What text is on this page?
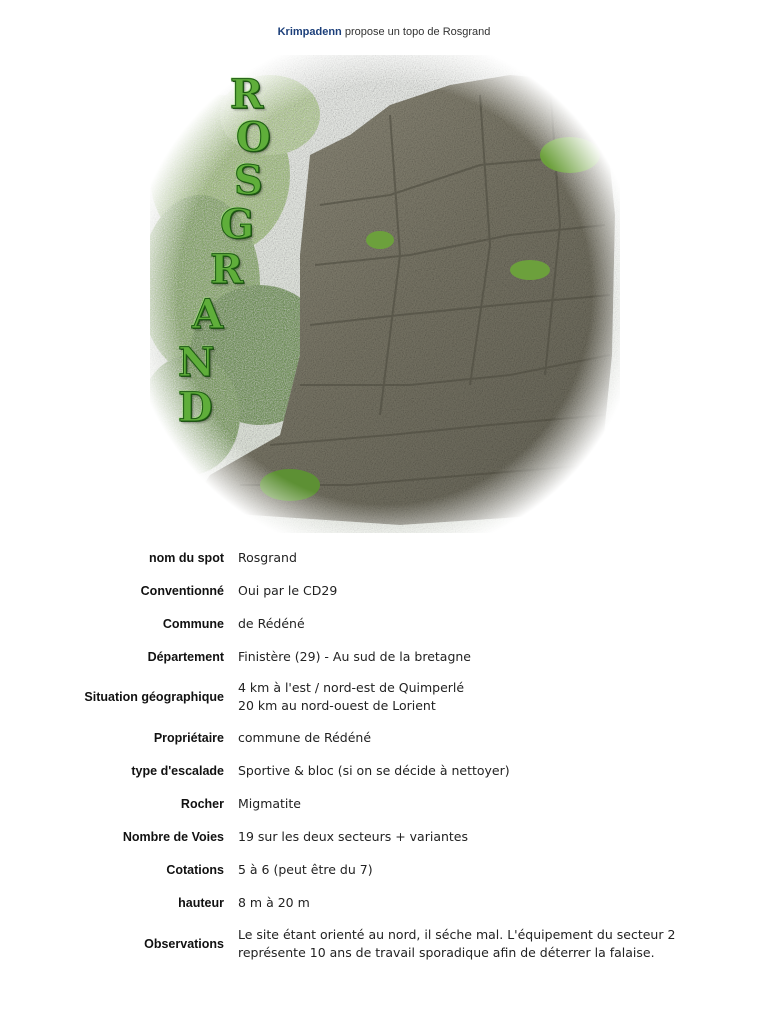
Krimpadenn propose un topo de Rosgrand
R
O
S
G
R
A
N
D
nom du spot	Rosgrand

Conventionné	Oui par le CD29

Commune	de Rédéné

Département	Finistère (29) - Au sud de la bretagne

Situation géographique	4 km à l'est / nord-est de Quimperlé
20 km au nord-ouest de Lorient

Propriétaire	commune de Rédéné

type d'escalade	Sportive & bloc (si on se décide à nettoyer)

Rocher	Migmatite

Nombre de Voies	19 sur les deux secteurs + variantes

Cotations	5 à 6 (peut être du 7)

hauteur	8 m à 20 m

Observations	Le site étant orienté au nord, il séche mal. L'équipement du secteur 2
représente 10 ans de travail sporadique afin de déterrer la falaise.
